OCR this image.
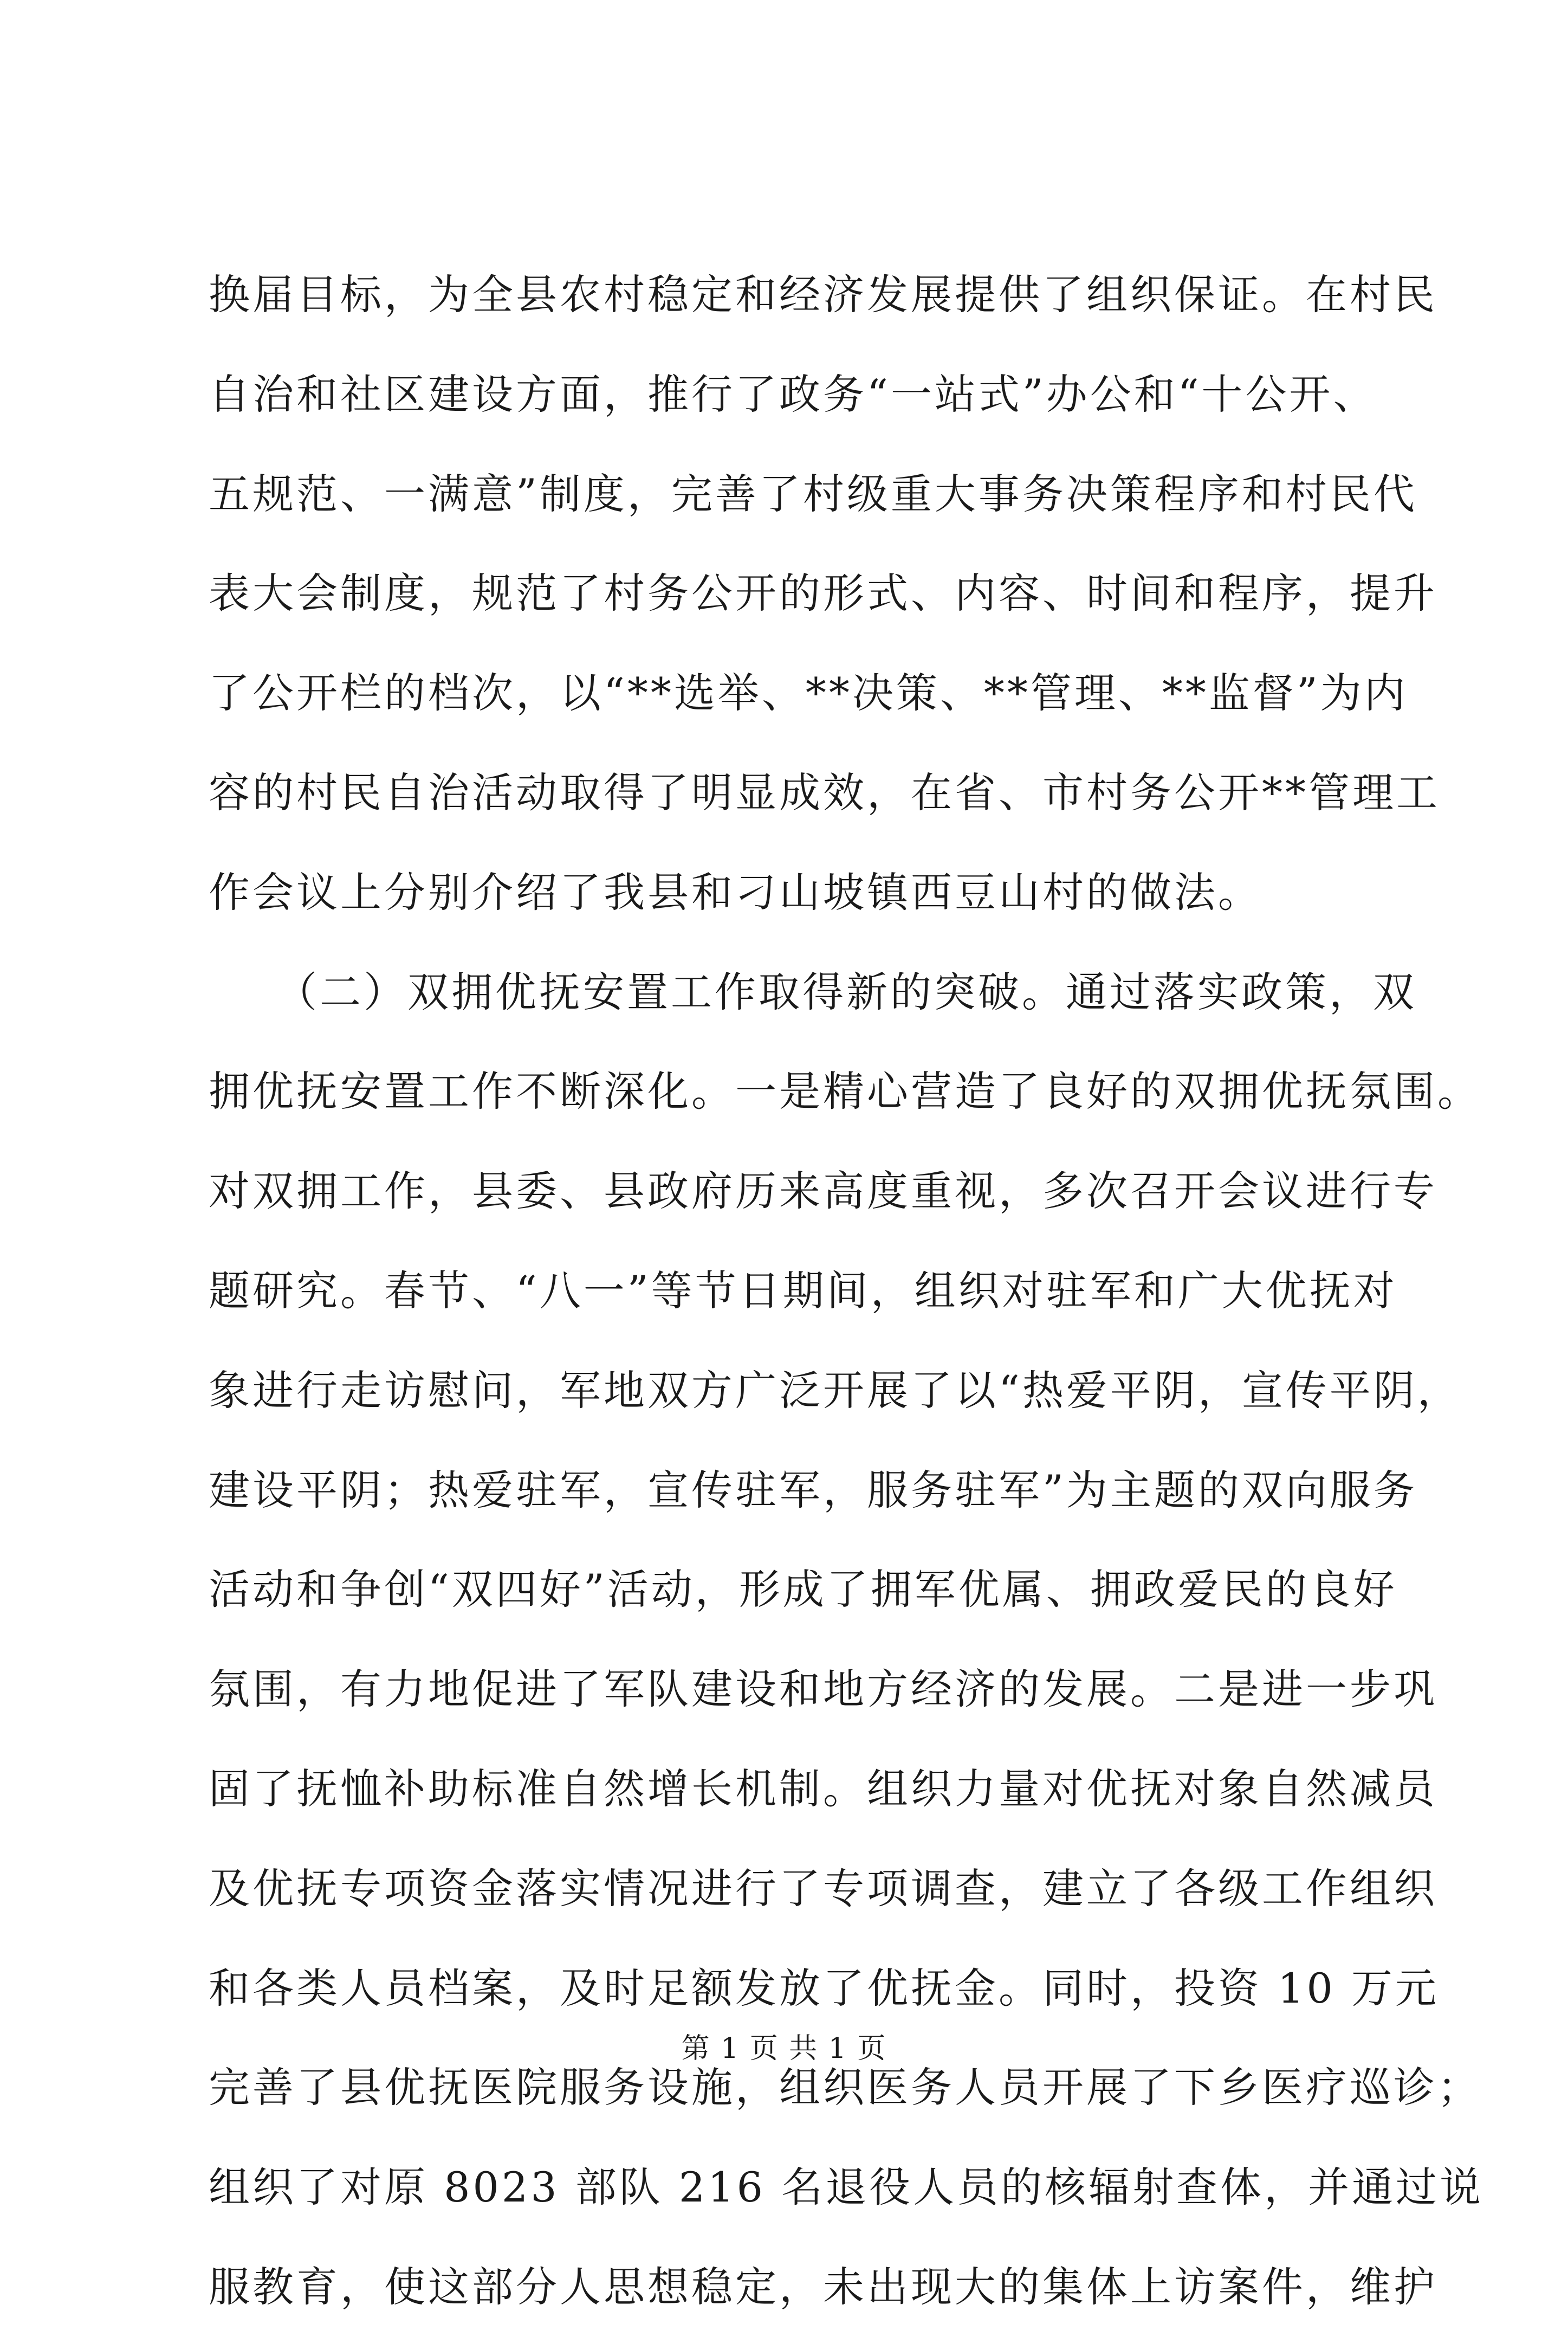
换届目标，为全县农村稳定和经济发展提供了组织保证。在村民
自治和社区建设方面，推行了政务“一站式”办公和“十公开、
五规范、一满意”制度，完善了村级重大事务决策程序和村民代
表大会制度，规范了村务公开的形式、内容、时间和程序，提升
了公开栏的档次，以“**选举、**决策、**管理、**监督”为内
容的村民自治活动取得了明显成效，在省、市村务公开**管理工
作会议上分别介绍了我县和刁山坡镇西豆山村的做法。
　　（二）双拥优抚安置工作取得新的突破。通过落实政策，双
拥优抚安置工作不断深化。一是精心营造了良好的双拥优抚氛围。
对双拥工作，县委、县政府历来高度重视，多次召开会议进行专
题研究。春节、“八一”等节日期间，组织对驻军和广大优抚对
象进行走访慰问，军地双方广泛开展了以“热爱平阴，宣传平阴，
建设平阴；热爱驻军，宣传驻军，服务驻军”为主题的双向服务
活动和争创“双四好”活动，形成了拥军优属、拥政爱民的良好
氛围，有力地促进了军队建设和地方经济的发展。二是进一步巩
固了抚恤补助标准自然增长机制。组织力量对优抚对象自然减员
及优抚专项资金落实情况进行了专项调查，建立了各级工作组织
和各类人员档案，及时足额发放了优抚金。同时，投资 10 万元
完善了县优抚医院服务设施，组织医务人员开展了下乡医疗巡诊；
组织了对原 8023 部队 216 名退役人员的核辐射查体，并通过说
服教育，使这部分人思想稳定，未出现大的集体上访案件，维护
第 1 页 共 1 页
